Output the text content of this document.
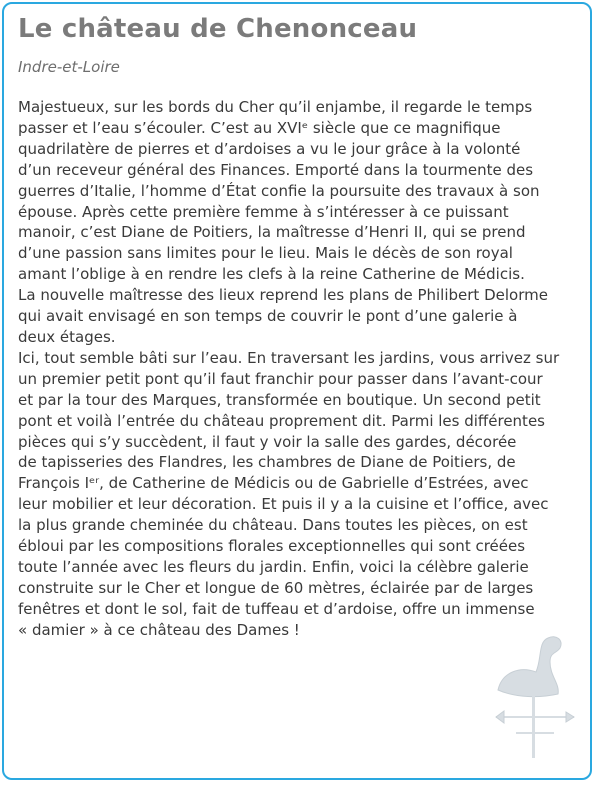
Le château de Chenonceau
Indre-et-Loire
Majestueux, sur les bords du Cher qu’il enjambe, il regarde le temps
passer et l’eau s’écouler. C’est au XVIᵉ siècle que ce magnifique
quadrilatère de pierres et d’ardoises a vu le jour grâce à la volonté
d’un receveur général des Finances. Emporté dans la tourmente des
guerres d’Italie, l’homme d’État confie la poursuite des travaux à son
épouse. Après cette première femme à s’intéresser à ce puissant
manoir, c’est Diane de Poitiers, la maîtresse d’Henri II, qui se prend
d’une passion sans limites pour le lieu. Mais le décès de son royal
amant l’oblige à en rendre les clefs à la reine Catherine de Médicis.
La nouvelle maîtresse des lieux reprend les plans de Philibert Delorme
qui avait envisagé en son temps de couvrir le pont d’une galerie à
deux étages.
Ici, tout semble bâti sur l’eau. En traversant les jardins, vous arrivez sur
un premier petit pont qu’il faut franchir pour passer dans l’avant-cour
et par la tour des Marques, transformée en boutique. Un second petit
pont et voilà l’entrée du château proprement dit. Parmi les différentes
pièces qui s’y succèdent, il faut y voir la salle des gardes, décorée
de tapisseries des Flandres, les chambres de Diane de Poitiers, de
François Iᵉʳ, de Catherine de Médicis ou de Gabrielle d’Estrées, avec
leur mobilier et leur décoration. Et puis il y a la cuisine et l’office, avec
la plus grande cheminée du château. Dans toutes les pièces, on est
ébloui par les compositions florales exceptionnelles qui sont créées
toute l’année avec les fleurs du jardin. Enfin, voici la célèbre galerie
construite sur le Cher et longue de 60 mètres, éclairée par de larges
fenêtres et dont le sol, fait de tuffeau et d’ardoise, offre un immense
« damier » à ce château des Dames !
